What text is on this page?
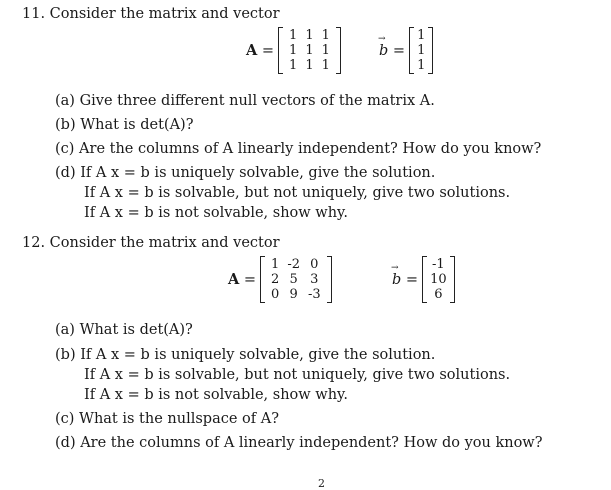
11. Consider the matrix and vector
A =
1 1 1
1 1 1
1 1 1
→ b =
1
1
1
(a) Give three different null vectors of the matrix A.
(b) What is det(A)?
(c) Are the columns of A linearly independent? How do you know?
(d) If A x = b is uniquely solvable, give the solution.
If A x = b is solvable, but not uniquely, give two solutions.
If A x = b is not solvable, show why.
12. Consider the matrix and vector
A =
1 -2 0
2 5 3
0 9 -3
→ b =
-1
10
6
(a) What is det(A)?
(b) If A x = b is uniquely solvable, give the solution.
If A x = b is solvable, but not uniquely, give two solutions.
If A x = b is not solvable, show why.
(c) What is the nullspace of A?
(d) Are the columns of A linearly independent? How do you know?
2
